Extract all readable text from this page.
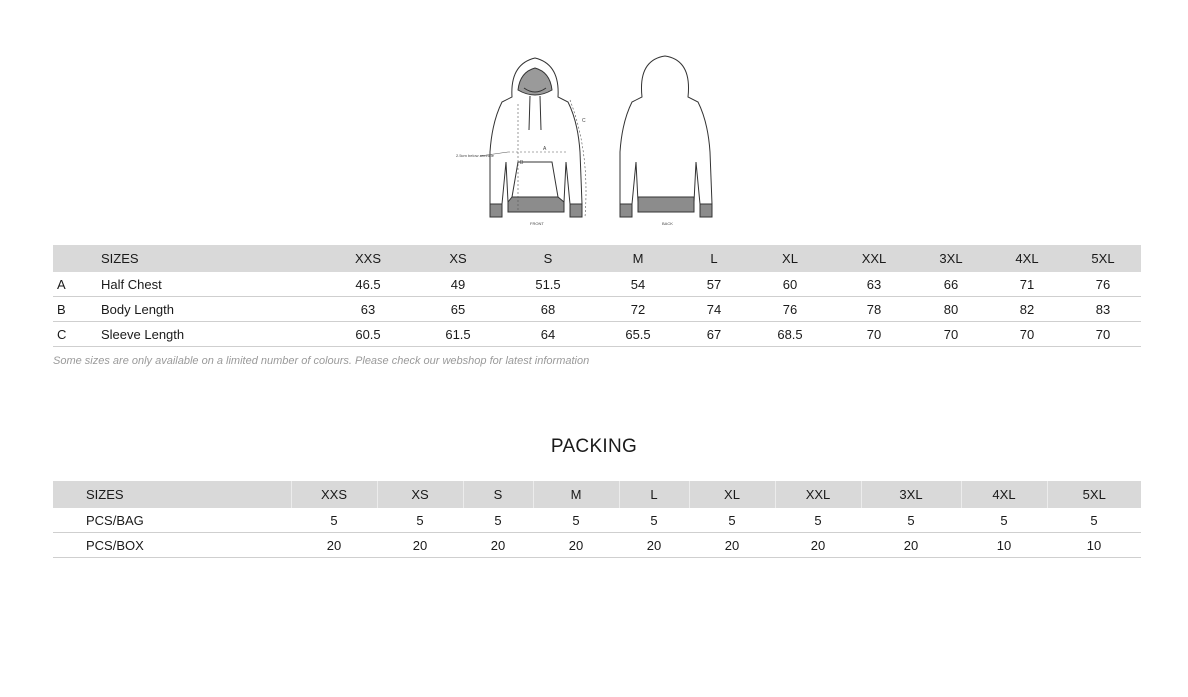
A
B
C
2.5cm below armhole
FRONT	BACK
	SIZES	XXS	XS	S	M	L	XL	XXL	3XL	4XL	5XL
A	Half Chest	46.5	49	51.5	54	57	60	63	66	71	76
B	Body Length	63	65	68	72	74	76	78	80	82	83
C	Sleeve Length	60.5	61.5	64	65.5	67	68.5	70	70	70	70
Some sizes are only available on a limited number of colours. Please check our webshop for latest information
PACKING
	SIZES	XXS	XS	S	M	L	XL	XXL	3XL	4XL	5XL
	PCS/BAG	5	5	5	5	5	5	5	5	5	5
	PCS/BOX	20	20	20	20	20	20	20	20	10	10
